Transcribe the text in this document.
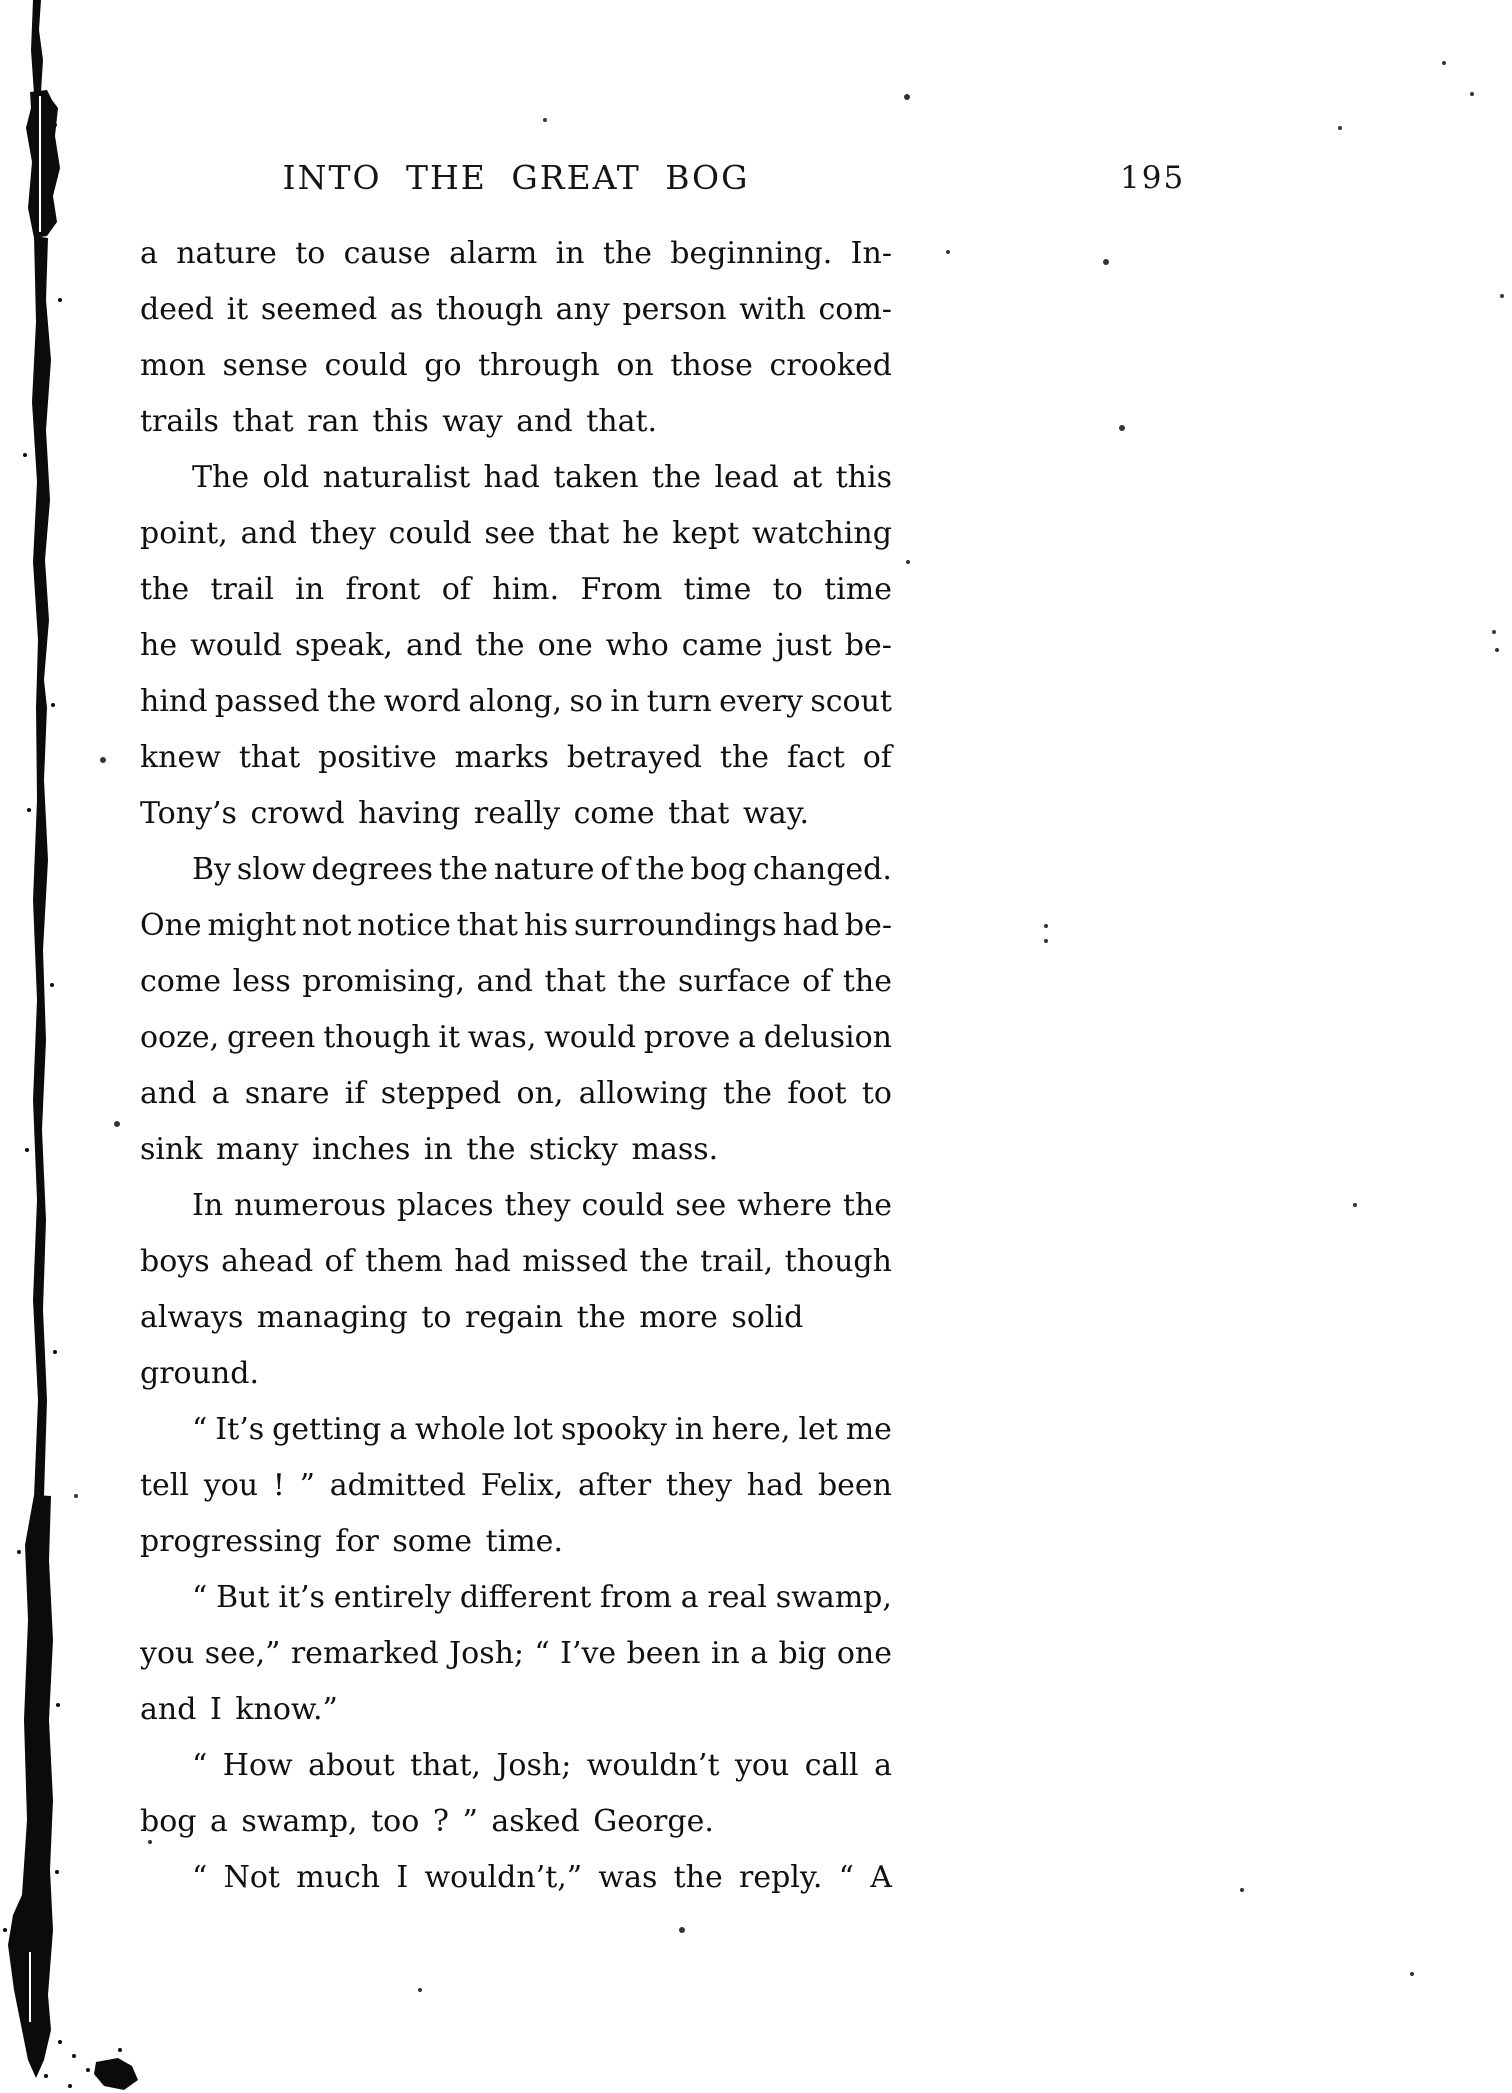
INTO THE GREAT BOG	195
a nature to cause alarm in the beginning. In-
deed it seemed as though any person with com-
mon sense could go through on those crooked
trails that ran this way and that.
The old naturalist had taken the lead at this
point, and they could see that he kept watching
the trail in front of him. From time to time
he would speak, and the one who came just be-
hind passed the word along, so in turn every scout
knew that positive marks betrayed the fact of
Tony’s crowd having really come that way.
By slow degrees the nature of the bog changed.
One might not notice that his surroundings had be-
come less promising, and that the surface of the
ooze, green though it was, would prove a delusion
and a snare if stepped on, allowing the foot to
sink many inches in the sticky mass.
In numerous places they could see where the
boys ahead of them had missed the trail, though
always managing to regain the more solid ground.
“ It’s getting a whole lot spooky in here, let me
tell you ! ” admitted Felix, after they had been
progressing for some time.
“ But it’s entirely different from a real swamp,
you see,” remarked Josh; “ I’ve been in a big one
and I know.”
“ How about that, Josh; wouldn’t you call a
bog a swamp, too ? ” asked George.
“ Not much I wouldn’t,” was the reply. “ A
